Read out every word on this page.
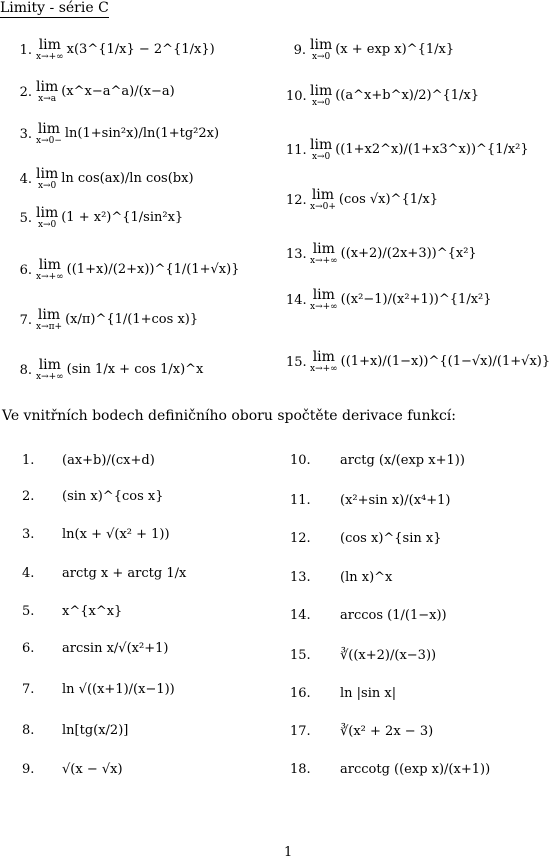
Limity - série C
1. lim
x→+∞ x(3^{1/x} − 2^{1/x})
2. lim
x→a (x^x−a^a)/(x−a)
3. lim
x→0− ln(1+sin²x)/ln(1+tg²2x)
4. lim
x→0 ln cos(ax)/ln cos(bx)
5. lim
x→0 (1 + x²)^{1/sin²x}
6. lim
x→+∞ ((1+x)/(2+x))^{1/(1+√x)}
7. lim
x→π+ (x/π)^{1/(1+cos x)}
8. lim
x→+∞ (sin 1/x + cos 1/x)^x
9. lim
x→0 (x + exp x)^{1/x}
10. lim
x→0 ((a^x+b^x)/2)^{1/x}
11. lim
x→0 ((1+x2^x)/(1+x3^x))^{1/x²}
12. lim
x→0+ (cos √x)^{1/x}
13. lim
x→+∞ ((x+2)/(2x+3))^{x²}
14. lim
x→+∞ ((x²−1)/(x²+1))^{1/x²}
15. lim
x→+∞ ((1+x)/(1−x))^{(1−√x)/(1+√x)}
Ve vnitřních bodech definičního oboru spočtěte derivace funkcí:
1. (ax+b)/(cx+d)
2. (sin x)^{cos x}
3. ln(x + √(x² + 1))
4. arctg x + arctg 1/x
5. x^{x^x}
6. arcsin x/√(x²+1)
7. ln √((x+1)/(x−1))
8. ln[tg(x/2)]
9. √(x − √x)
10. arctg (x/(exp x+1))
11. (x²+sin x)/(x⁴+1)
12. (cos x)^{sin x}
13. (ln x)^x
14. arccos (1/(1−x))
15. ∛((x+2)/(x−3))
16. ln |sin x|
17. ∛(x² + 2x − 3)
18. arccotg ((exp x)/(x+1))
1
